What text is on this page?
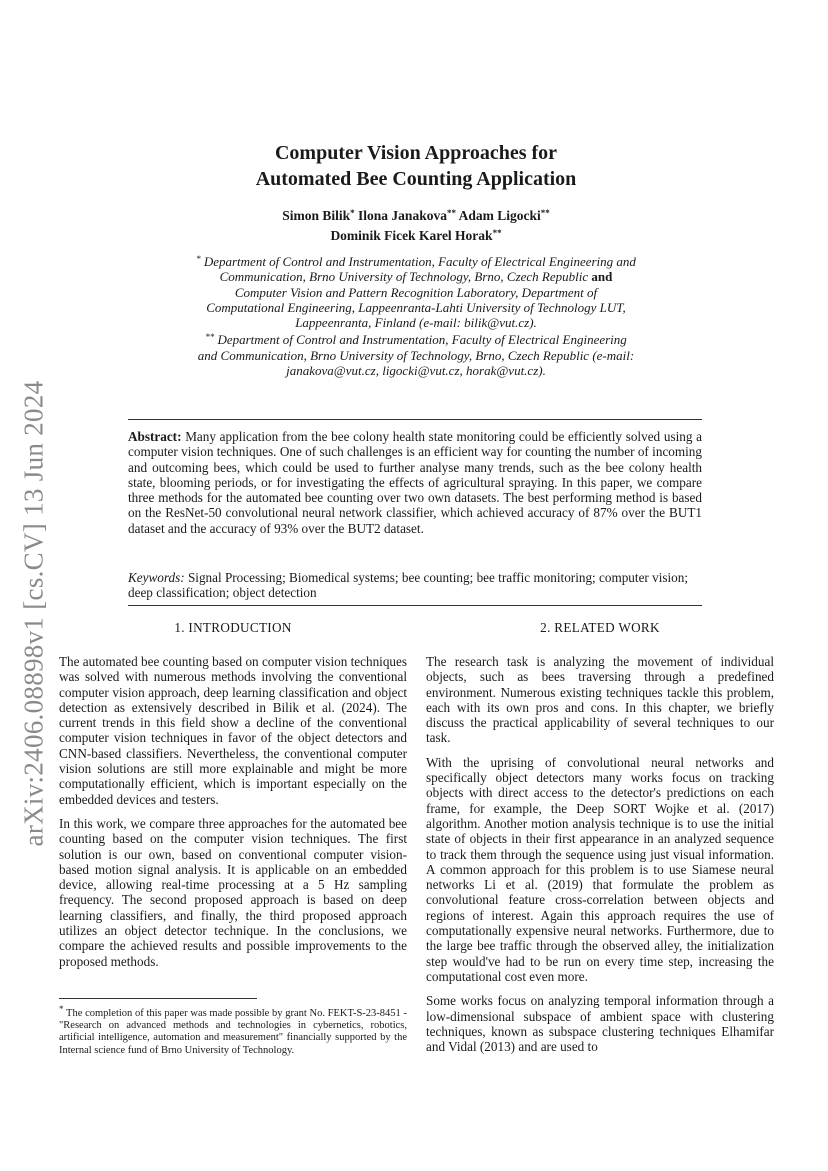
arXiv:2406.08898v1 [cs.CV] 13 Jun 2024
Computer Vision Approaches for
Automated Bee Counting Application
Simon Bilik* Ilona Janakova** Adam Ligocki**
Dominik Ficek Karel Horak**
* Department of Control and Instrumentation, Faculty of Electrical Engineering and Communication, Brno University of Technology, Brno, Czech Republic and Computer Vision and Pattern Recognition Laboratory, Department of Computational Engineering, Lappeenranta-Lahti University of Technology LUT, Lappeenranta, Finland (e-mail: bilik@vut.cz).
** Department of Control and Instrumentation, Faculty of Electrical Engineering and Communication, Brno University of Technology, Brno, Czech Republic (e-mail: janakova@vut.cz, ligocki@vut.cz, horak@vut.cz).
Abstract: Many application from the bee colony health state monitoring could be efficiently solved using a computer vision techniques. One of such challenges is an efficient way for counting the number of incoming and outcoming bees, which could be used to further analyse many trends, such as the bee colony health state, blooming periods, or for investigating the effects of agricultural spraying. In this paper, we compare three methods for the automated bee counting over two own datasets. The best performing method is based on the ResNet-50 convolutional neural network classifier, which achieved accuracy of 87% over the BUT1 dataset and the accuracy of 93% over the BUT2 dataset.
Keywords: Signal Processing; Biomedical systems; bee counting; bee traffic monitoring; computer vision; deep classification; object detection
1. INTRODUCTION

The automated bee counting based on computer vision techniques was solved with numerous methods involving the conventional computer vision approach, deep learning classification and object detection as extensively described in Bilik et al. (2024). The current trends in this field show a decline of the conventional computer vision techniques in favor of the object detectors and CNN-based classifiers. Nevertheless, the conventional computer vision solutions are still more explainable and might be more computationally efficient, which is important especially on the embedded devices and testers.

In this work, we compare three approaches for the automated bee counting based on the computer vision techniques. The first solution is our own, based on conventional computer vision-based motion signal analysis. It is applicable on an embedded device, allowing real-time processing at a 5 Hz sampling frequency. The second proposed approach is based on deep learning classifiers, and finally, the third proposed approach utilizes an object detector technique. In the conclusions, we compare the achieved results and possible improvements to the proposed methods.

* The completion of this paper was made possible by grant No. FEKT-S-23-8451 - "Research on advanced methods and technologies in cybernetics, robotics, artificial intelligence, automation and measurement" financially supported by the Internal science fund of Brno University of Technology.
2. RELATED WORK

The research task is analyzing the movement of individual objects, such as bees traversing through a predefined environment. Numerous existing techniques tackle this problem, each with its own pros and cons. In this chapter, we briefly discuss the practical applicability of several techniques to our task.

With the uprising of convolutional neural networks and specifically object detectors many works focus on tracking objects with direct access to the detector's predictions on each frame, for example, the Deep SORT Wojke et al. (2017) algorithm. Another motion analysis technique is to use the initial state of objects in their first appearance in an analyzed sequence to track them through the sequence using just visual information. A common approach for this problem is to use Siamese neural networks Li et al. (2019) that formulate the problem as convolutional feature cross-correlation between objects and regions of interest. Again this approach requires the use of computationally expensive neural networks. Furthermore, due to the large bee traffic through the observed alley, the initialization step would've had to be run on every time step, increasing the computational cost even more.

Some works focus on analyzing temporal information through a low-dimensional subspace of ambient space with clustering techniques, known as subspace clustering techniques Elhamifar and Vidal (2013) and are used to
